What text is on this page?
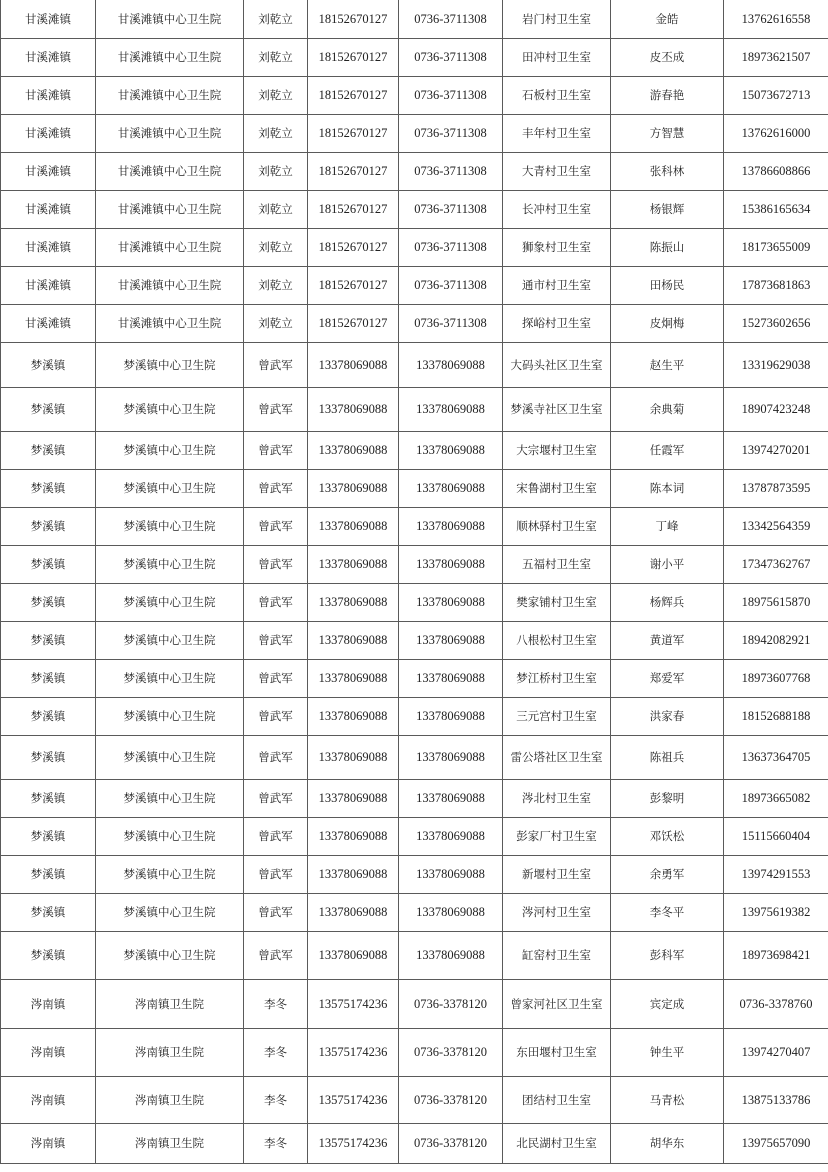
甘溪滩镇	甘溪滩镇中心卫生院	刘乾立	18152670127	0736-3711308	岩门村卫生室	金皓	13762616558
甘溪滩镇	甘溪滩镇中心卫生院	刘乾立	18152670127	0736-3711308	田冲村卫生室	皮丕成	18973621507
甘溪滩镇	甘溪滩镇中心卫生院	刘乾立	18152670127	0736-3711308	石板村卫生室	游春艳	15073672713
甘溪滩镇	甘溪滩镇中心卫生院	刘乾立	18152670127	0736-3711308	丰年村卫生室	方智慧	13762616000
甘溪滩镇	甘溪滩镇中心卫生院	刘乾立	18152670127	0736-3711308	大青村卫生室	张科林	13786608866
甘溪滩镇	甘溪滩镇中心卫生院	刘乾立	18152670127	0736-3711308	长冲村卫生室	杨银辉	15386165634
甘溪滩镇	甘溪滩镇中心卫生院	刘乾立	18152670127	0736-3711308	狮象村卫生室	陈振山	18173655009
甘溪滩镇	甘溪滩镇中心卫生院	刘乾立	18152670127	0736-3711308	通市村卫生室	田杨民	17873681863
甘溪滩镇	甘溪滩镇中心卫生院	刘乾立	18152670127	0736-3711308	探峪村卫生室	皮炯梅	15273602656
梦溪镇	梦溪镇中心卫生院	曾武军	13378069088	13378069088	大码头社区卫生室	赵生平	13319629038
梦溪镇	梦溪镇中心卫生院	曾武军	13378069088	13378069088	梦溪寺社区卫生室	余典菊	18907423248
梦溪镇	梦溪镇中心卫生院	曾武军	13378069088	13378069088	大宗堰村卫生室	任霞军	13974270201
梦溪镇	梦溪镇中心卫生院	曾武军	13378069088	13378069088	宋鲁湖村卫生室	陈本词	13787873595
梦溪镇	梦溪镇中心卫生院	曾武军	13378069088	13378069088	顺林驿村卫生室	丁峰	13342564359
梦溪镇	梦溪镇中心卫生院	曾武军	13378069088	13378069088	五福村卫生室	谢小平	17347362767
梦溪镇	梦溪镇中心卫生院	曾武军	13378069088	13378069088	樊家铺村卫生室	杨辉兵	18975615870
梦溪镇	梦溪镇中心卫生院	曾武军	13378069088	13378069088	八根松村卫生室	黄道军	18942082921
梦溪镇	梦溪镇中心卫生院	曾武军	13378069088	13378069088	梦江桥村卫生室	郑爱军	18973607768
梦溪镇	梦溪镇中心卫生院	曾武军	13378069088	13378069088	三元宫村卫生室	洪家春	18152688188
梦溪镇	梦溪镇中心卫生院	曾武军	13378069088	13378069088	雷公塔社区卫生室	陈祖兵	13637364705
梦溪镇	梦溪镇中心卫生院	曾武军	13378069088	13378069088	涔北村卫生室	彭黎明	18973665082
梦溪镇	梦溪镇中心卫生院	曾武军	13378069088	13378069088	彭家厂村卫生室	邓饫松	15115660404
梦溪镇	梦溪镇中心卫生院	曾武军	13378069088	13378069088	新堰村卫生室	余勇军	13974291553
梦溪镇	梦溪镇中心卫生院	曾武军	13378069088	13378069088	涔河村卫生室	李冬平	13975619382
梦溪镇	梦溪镇中心卫生院	曾武军	13378069088	13378069088	缸窑村卫生室	彭科军	18973698421
涔南镇	涔南镇卫生院	李冬	13575174236	0736-3378120	曾家河社区卫生室	宾定成	0736-3378760
涔南镇	涔南镇卫生院	李冬	13575174236	0736-3378120	东田堰村卫生室	钟生平	13974270407
涔南镇	涔南镇卫生院	李冬	13575174236	0736-3378120	团结村卫生室	马青松	13875133786
涔南镇	涔南镇卫生院	李冬	13575174236	0736-3378120	北民湖村卫生室	胡华东	13975657090
